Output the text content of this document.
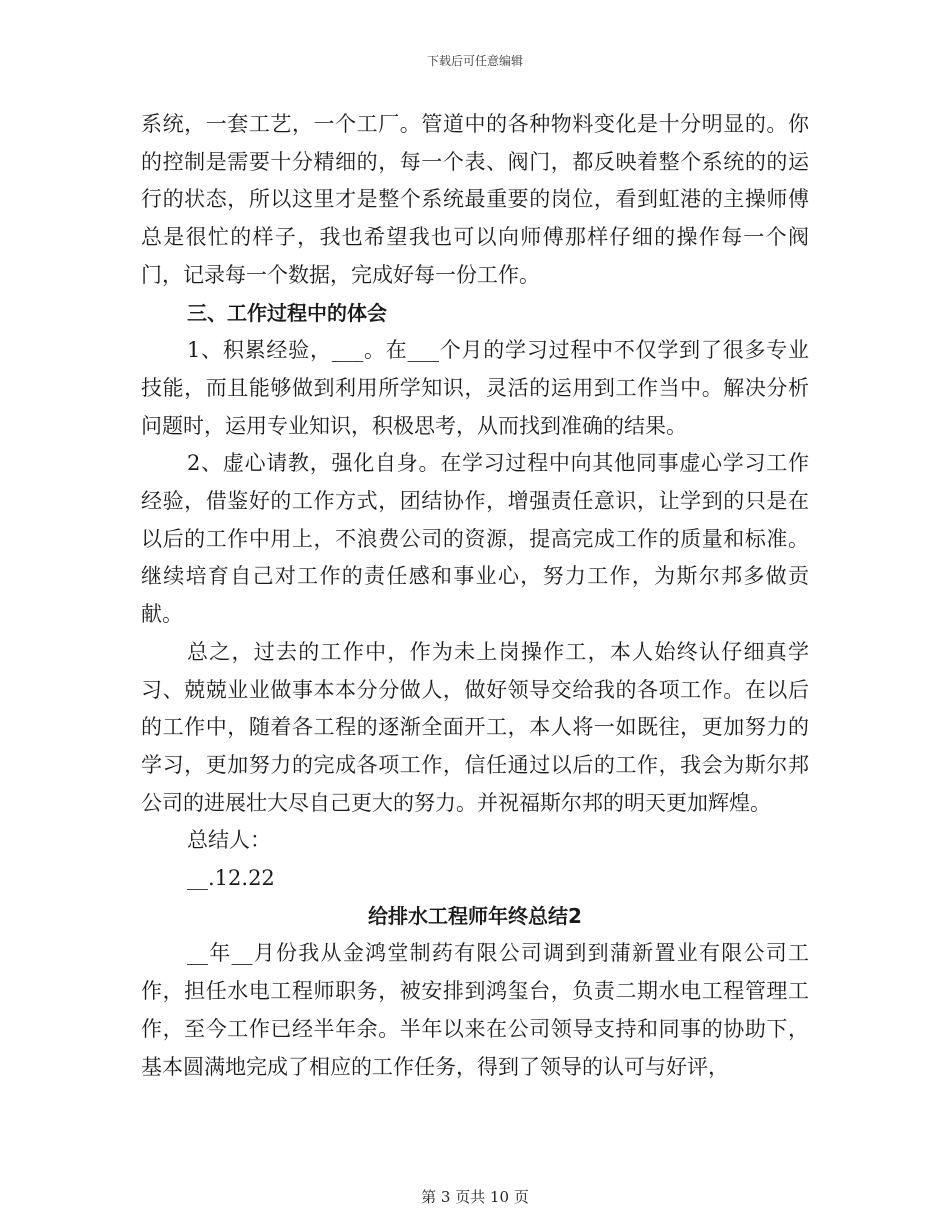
下载后可任意编辑

系统，一套工艺，一个工厂。管道中的各种物料变化是十分明显的。你的控制是需要十分精细的，每一个表、阀门，都反映着整个系统的的运行的状态，所以这里才是整个系统最重要的岗位，看到虹港的主操师傅总是很忙的样子，我也希望我也可以向师傅那样仔细的操作每一个阀门，记录每一个数据，完成好每一份工作。

三、工作过程中的体会

1、积累经验，___。在___个月的学习过程中不仅学到了很多专业技能，而且能够做到利用所学知识，灵活的运用到工作当中。解决分析问题时，运用专业知识，积极思考，从而找到准确的结果。

2、虚心请教，强化自身。在学习过程中向其他同事虚心学习工作经验，借鉴好的工作方式，团结协作，增强责任意识，让学到的只是在以后的工作中用上，不浪费公司的资源，提高完成工作的质量和标准。继续培育自己对工作的责任感和事业心，努力工作，为斯尔邦多做贡献。

总之，过去的工作中，作为未上岗操作工，本人始终认仔细真学习、兢兢业业做事本本分分做人，做好领导交给我的各项工作。在以后的工作中，随着各工程的逐渐全面开工，本人将一如既往，更加努力的学习，更加努力的完成各项工作，信任通过以后的工作，我会为斯尔邦公司的进展壮大尽自己更大的努力。并祝福斯尔邦的明天更加辉煌。

总结人：

__.12.22

给排水工程师年终总结2

__年__月份我从金鸿堂制药有限公司调到到蒲新置业有限公司工作，担任水电工程师职务，被安排到鸿玺台，负责二期水电工程管理工作，至今工作已经半年余。半年以来在公司领导支持和同事的协助下，基本圆满地完成了相应的工作任务，得到了领导的认可与好评，

第 3 页共 10 页
